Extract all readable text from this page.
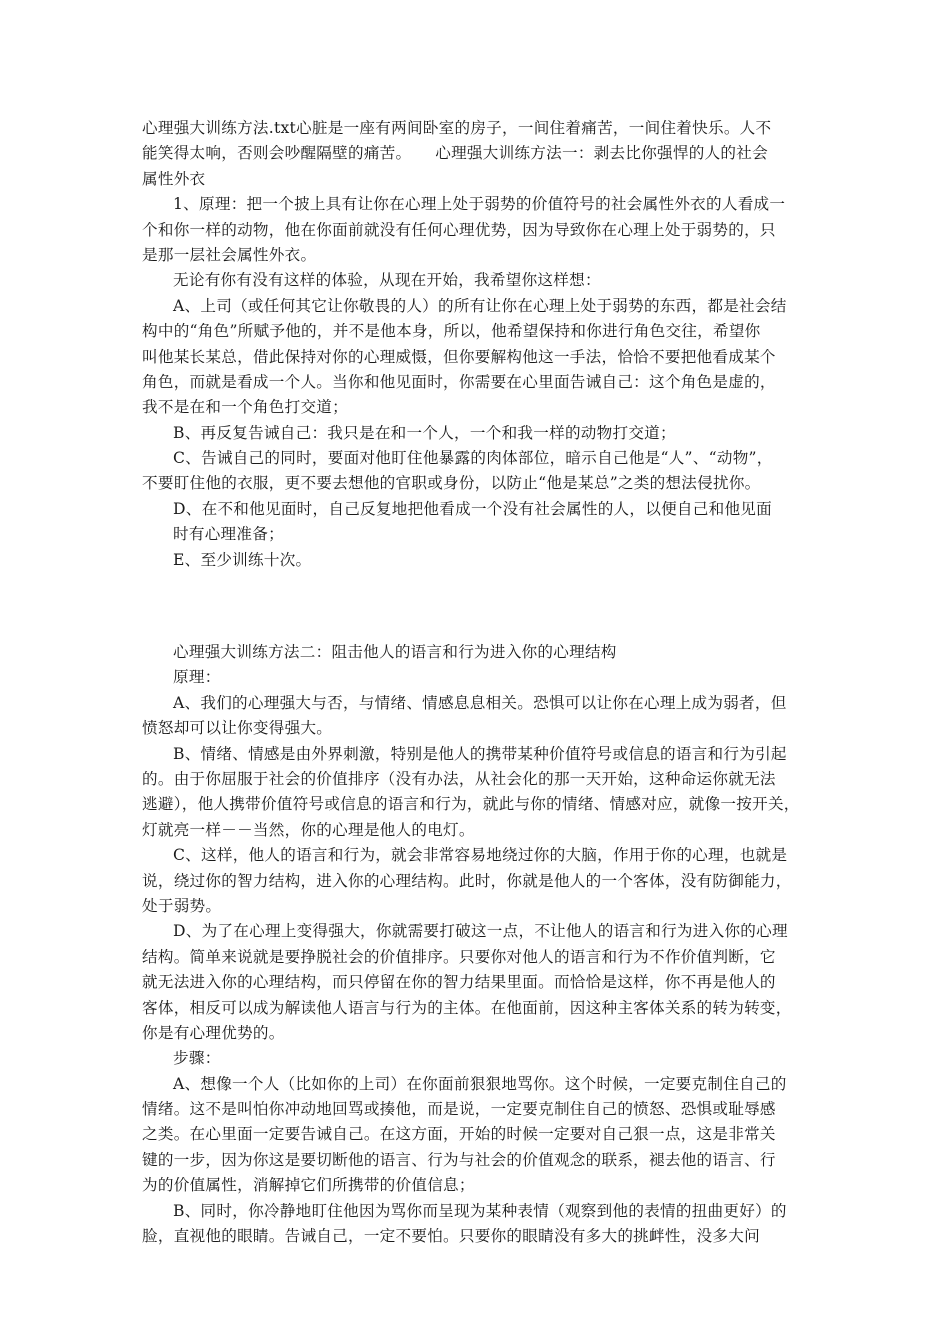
心理强大训练方法.txt心脏是一座有两间卧室的房子，一间住着痛苦，一间住着快乐。人不
能笑得太响，否则会吵醒隔壁的痛苦。　　心理强大训练方法一：剥去比你强悍的人的社会
属性外衣
1、原理：把一个披上具有让你在心理上处于弱势的价值符号的社会属性外衣的人看成一
个和你一样的动物，他在你面前就没有任何心理优势，因为导致你在心理上处于弱势的，只
是那一层社会属性外衣。
无论有你有没有这样的体验，从现在开始，我希望你这样想：
A、上司（或任何其它让你敬畏的人）的所有让你在心理上处于弱势的东西，都是社会结
构中的“角色”所赋予他的，并不是他本身，所以，他希望保持和你进行角色交往，希望你
叫他某长某总，借此保持对你的心理威慑，但你要解构他这一手法，恰恰不要把他看成某个
角色，而就是看成一个人。当你和他见面时，你需要在心里面告诫自己：这个角色是虚的，
我不是在和一个角色打交道；
B、再反复告诫自己：我只是在和一个人，一个和我一样的动物打交道；
C、告诫自己的同时，要面对他盯住他暴露的肉体部位，暗示自己他是“人”、“动物”，
不要盯住他的衣服，更不要去想他的官职或身份，以防止“他是某总”之类的想法侵扰你。
D、在不和他见面时，自己反复地把他看成一个没有社会属性的人，以便自己和他见面
时有心理准备；
E、至少训练十次。
心理强大训练方法二：阻击他人的语言和行为进入你的心理结构
原理：
A、我们的心理强大与否，与情绪、情感息息相关。恐惧可以让你在心理上成为弱者，但
愤怒却可以让你变得强大。
B、情绪、情感是由外界刺激，特别是他人的携带某种价值符号或信息的语言和行为引起
的。由于你屈服于社会的价值排序（没有办法，从社会化的那一天开始，这种命运你就无法
逃避），他人携带价值符号或信息的语言和行为，就此与你的情绪、情感对应，就像一按开关，
灯就亮一样－－当然，你的心理是他人的电灯。
C、这样，他人的语言和行为，就会非常容易地绕过你的大脑，作用于你的心理，也就是
说，绕过你的智力结构，进入你的心理结构。此时，你就是他人的一个客体，没有防御能力，
处于弱势。
D、为了在心理上变得强大，你就需要打破这一点，不让他人的语言和行为进入你的心理
结构。简单来说就是要挣脱社会的价值排序。只要你对他人的语言和行为不作价值判断，它
就无法进入你的心理结构，而只停留在你的智力结果里面。而恰恰是这样，你不再是他人的
客体，相反可以成为解读他人语言与行为的主体。在他面前，因这种主客体关系的转为转变，
你是有心理优势的。
步骤：
A、想像一个人（比如你的上司）在你面前狠狠地骂你。这个时候，一定要克制住自己的
情绪。这不是叫怕你冲动地回骂或揍他，而是说，一定要克制住自己的愤怒、恐惧或耻辱感
之类。在心里面一定要告诫自己。在这方面，开始的时候一定要对自己狠一点，这是非常关
键的一步，因为你这是要切断他的语言、行为与社会的价值观念的联系，褪去他的语言、行
为的价值属性，消解掉它们所携带的价值信息；
B、同时，你冷静地盯住他因为骂你而呈现为某种表情（观察到他的表情的扭曲更好）的
脸，直视他的眼睛。告诫自己，一定不要怕。只要你的眼睛没有多大的挑衅性，没多大问
